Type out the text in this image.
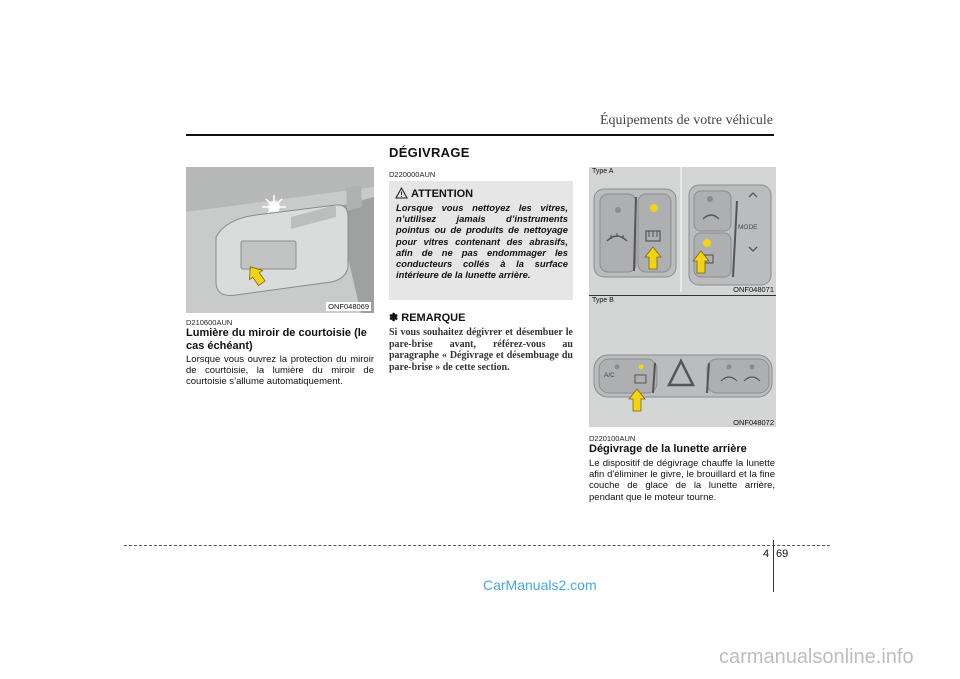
Équipements de votre véhicule
DÉGIVRAGE
ONF048069
D210600AUN
Lumière du miroir de courtoisie (le cas échéant)
Lorsque vous ouvrez la protection du miroir de courtoisie, la lumière du miroir de courtoisie s’allume automatiquement.
D220000AUN
ATTENTION
Lorsque vous nettoyez les vitres, n’utilisez jamais d’instruments pointus ou de produits de nettoyage pour vitres contenant des abrasifs, afin de ne pas endommager les conducteurs collés à la surface intérieure de la lunette arrière.
✽ REMARQUE
Si vous souhaitez dégivrer et désembuer le pare-brise avant, référez-vous au paragraphe « Dégivrage et désembuage du pare-brise » de cette section.
Type A
MODE
ONF048071
Type B
A/C
ONF048072
D220100AUN
Dégivrage de la lunette arrière
Le dispositif de dégivrage chauffe la lunette afin d'éliminer le givre, le brouillard et la fine couche de glace de la lunette arrière, pendant que le moteur tourne.
4 69
CarManuals2.com
carmanualsonline.info
